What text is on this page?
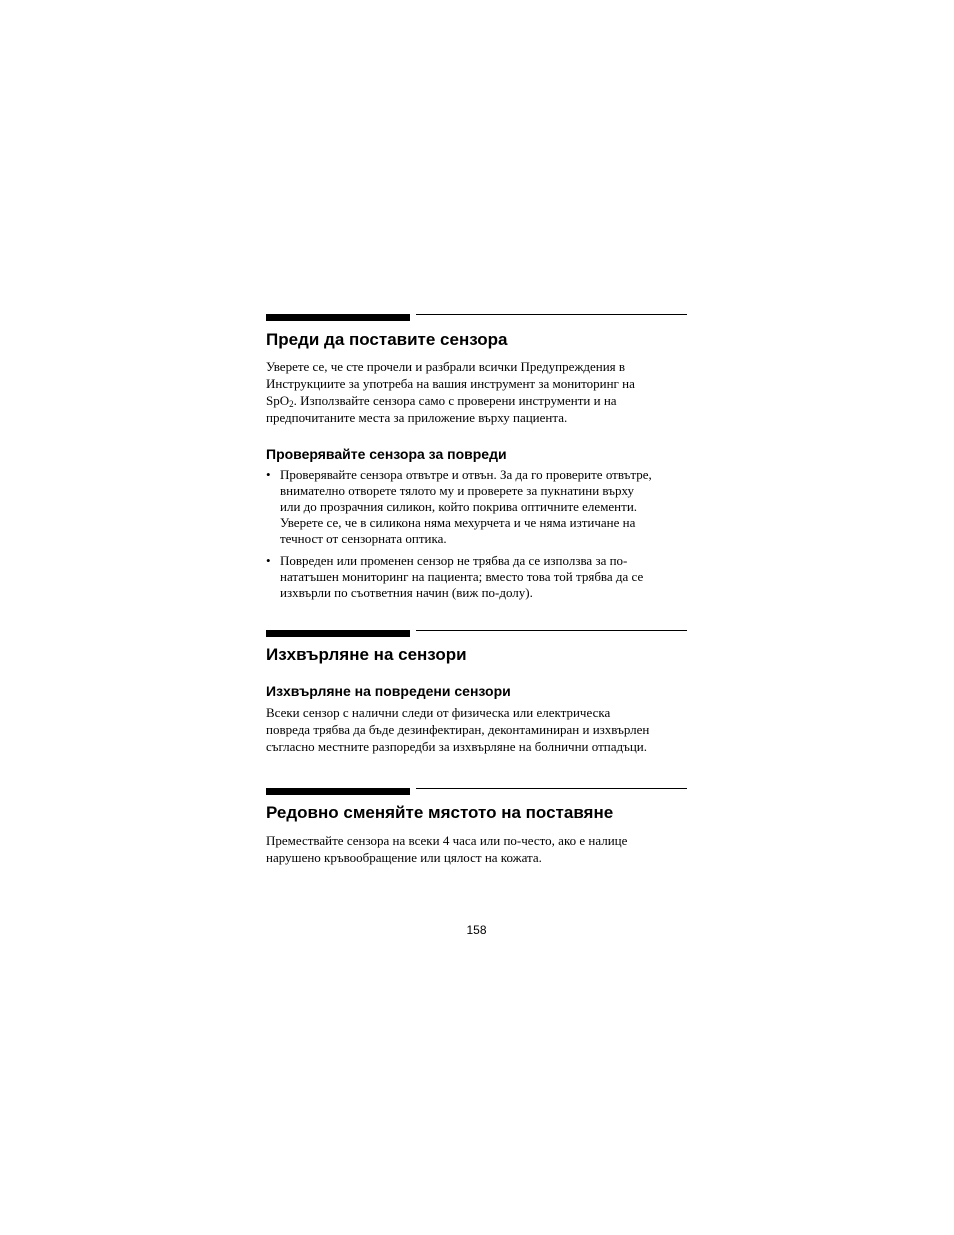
Преди да поставите сензора

Уверете се, че сте прочели и разбрали всички Предупреждения в
Инструкциите за употреба на вашия инструмент за мониторинг на
SpO$_2$. Използвайте сензора само с проверени инструменти и на
предпочитаните места за приложение върху пациента.

Проверявайте сензора за повреди
• Проверявайте сензора отвътре и отвън. За да го проверите отвътре,
внимателно отворете тялото му и проверете за пукнатини върху
или до прозрачния силикон, който покрива оптичните елементи.
Уверете се, че в силикона няма мехурчета и че няма изтичане на
течност от сензорната оптика.
• Повреден или променен сензор не трябва да се използва за по-
нататъшен мониторинг на пациента; вместо това той трябва да се
изхвърли по съответния начин (виж по-долу).
Изхвърляне на сензори
Изхвърляне на повредени сензори

Всеки сензор с налични следи от физическа или електрическа
повреда трябва да бъде дезинфектиран, деконтаминиран и изхвърлен
съгласно местните разпоредби за изхвърляне на болнични отпадъци.

Редовно сменяйте мястото на поставяне

Премествайте сензора на всеки 4 часа или по-често, ако е налице
нарушено кръвообращение или цялост на кожата.

158
